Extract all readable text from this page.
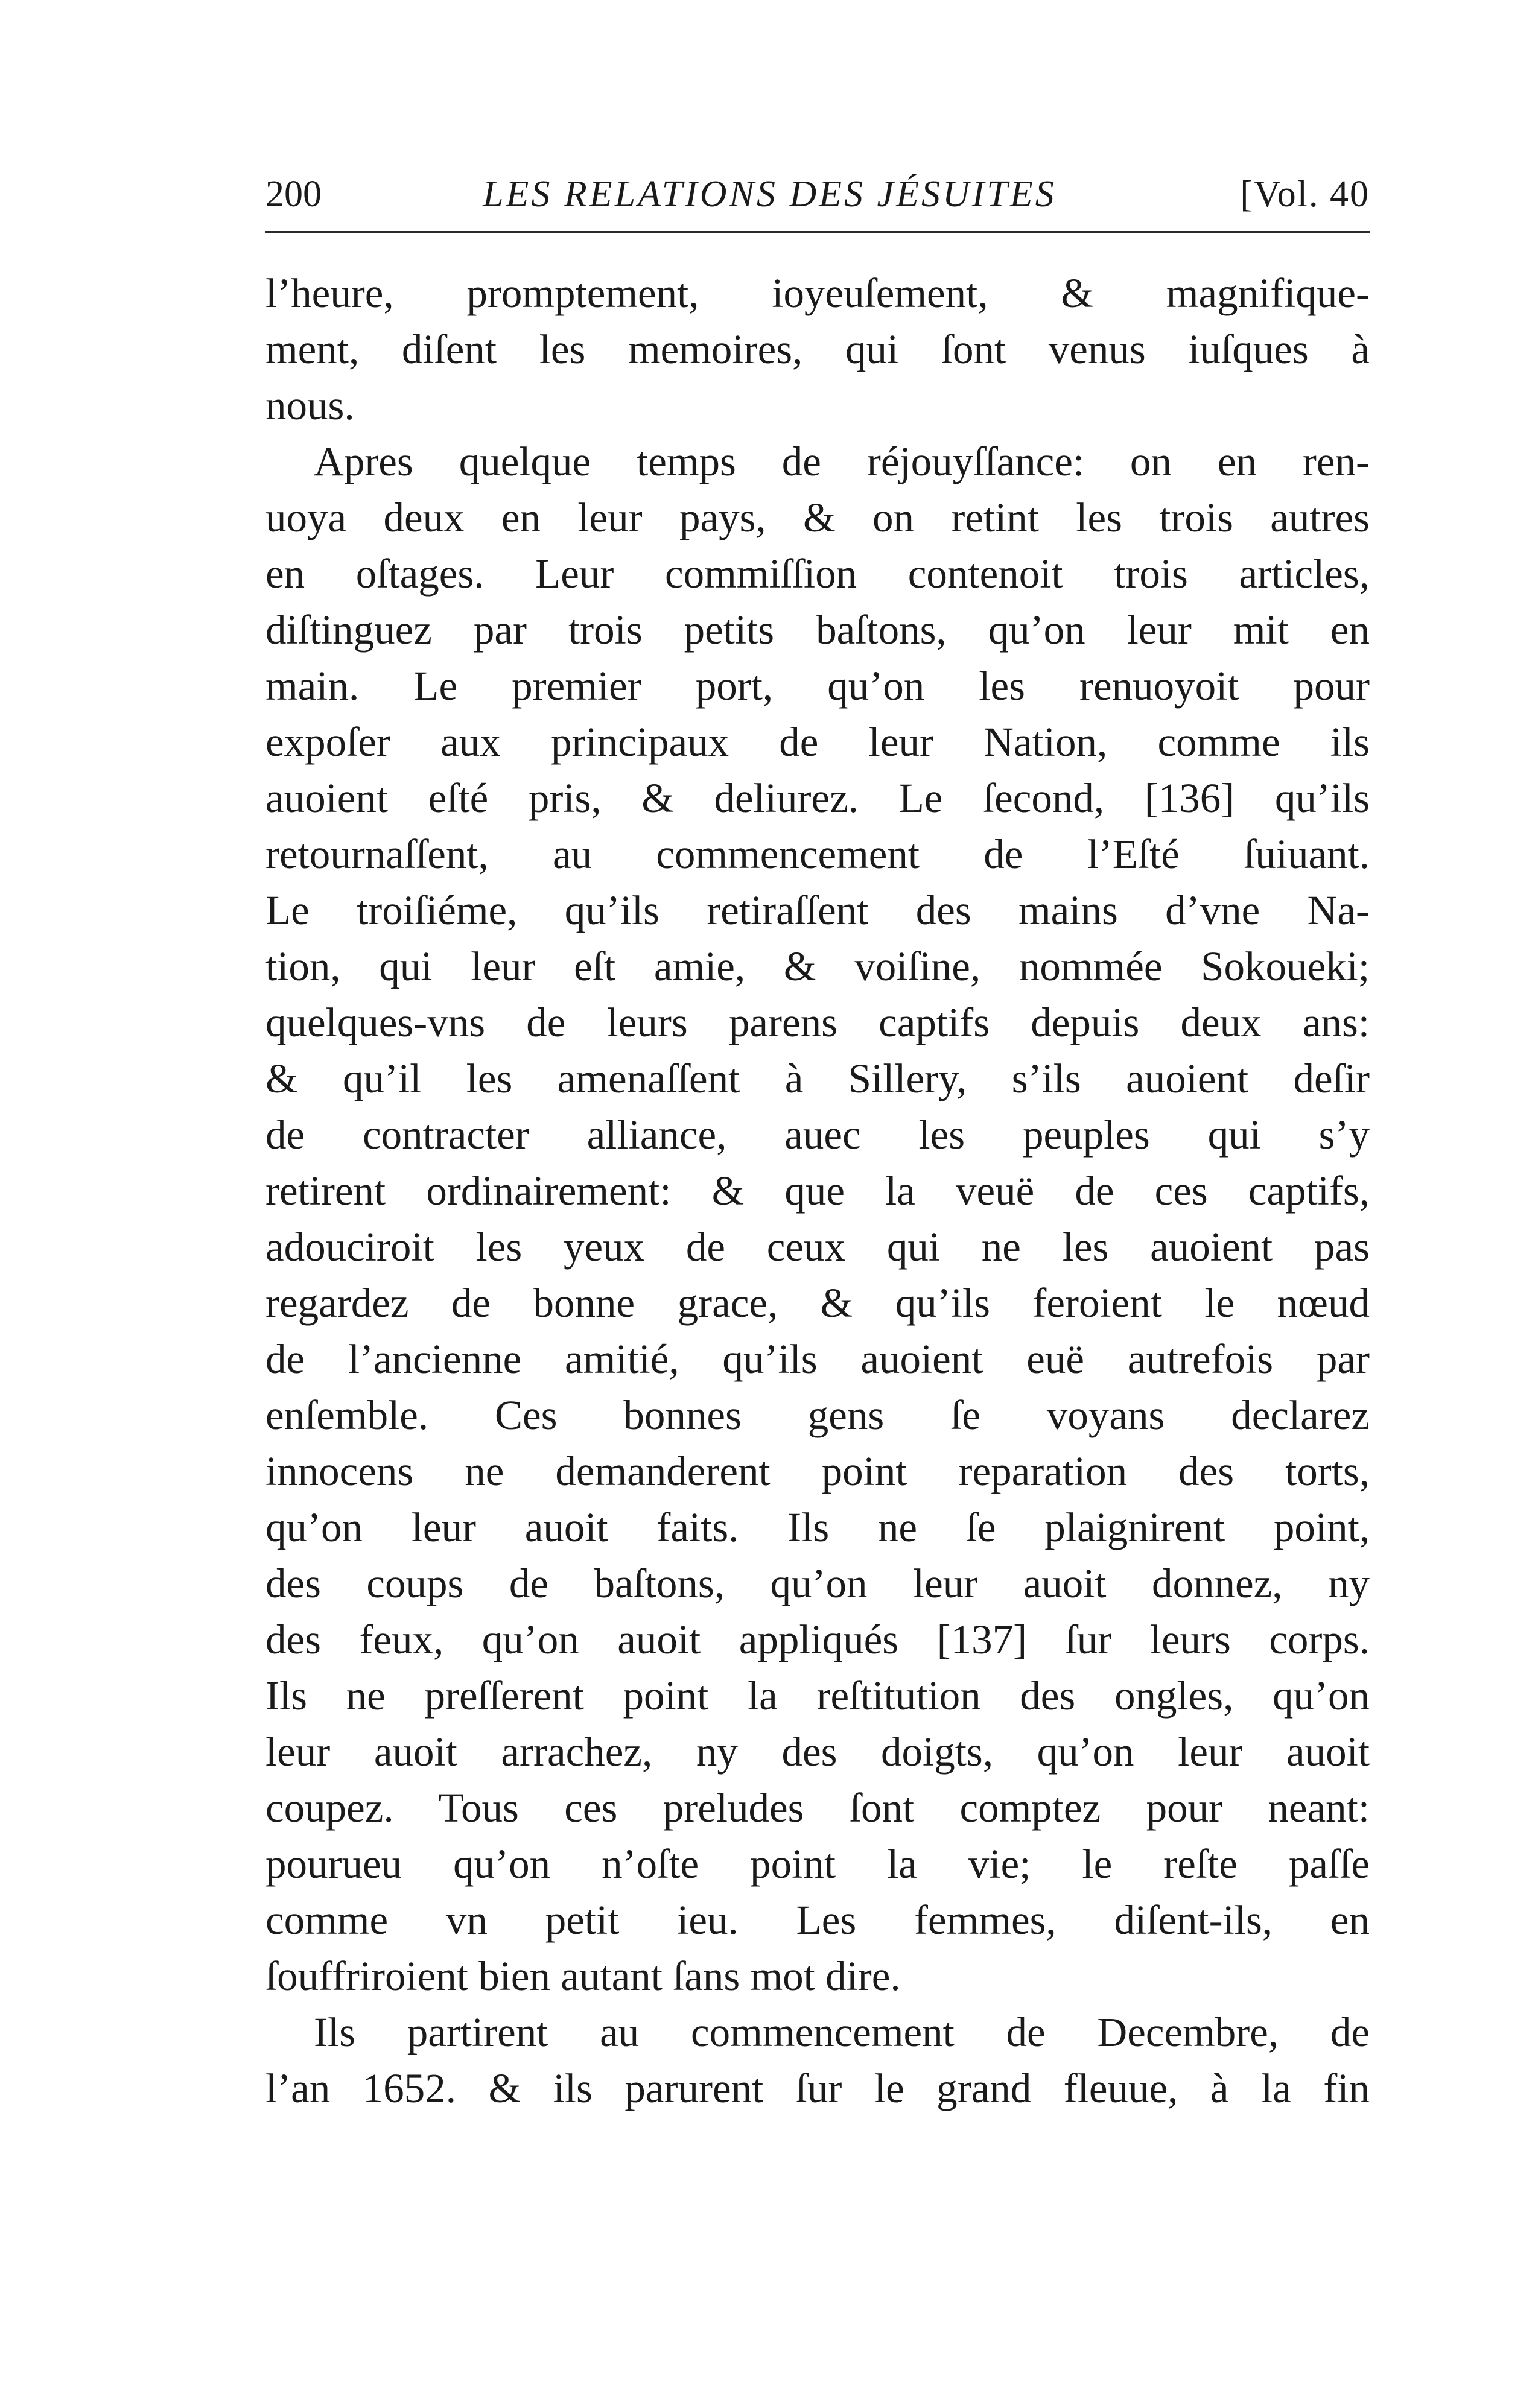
200	LES RELATIONS DES JÉSUITES	[Vol. 40
l’heure, promptement, ioyeuſement, & magnifique-
ment, diſent les memoires, qui ſont venus iuſques à
nous.
Apres quelque temps de réjouyſſance: on en ren-
uoya deux en leur pays, & on retint les trois autres
en oſtages. Leur commiſſion contenoit trois articles,
diſtinguez par trois petits baſtons, qu’on leur mit en
main. Le premier port, qu’on les renuoyoit pour
expoſer aux principaux de leur Nation, comme ils
auoient eſté pris, & deliurez. Le ſecond, [136] qu’ils
retournaſſent, au commencement de l’Eſté ſuiuant.
Le troiſiéme, qu’ils retiraſſent des mains d’vne Na-
tion, qui leur eſt amie, & voiſine, nommée Sokoueki;
quelques-vns de leurs parens captifs depuis deux ans:
& qu’il les amenaſſent à Sillery, s’ils auoient deſir
de contracter alliance, auec les peuples qui s’y
retirent ordinairement: & que la veuë de ces captifs,
adouciroit les yeux de ceux qui ne les auoient pas
regardez de bonne grace, & qu’ils feroient le nœud
de l’ancienne amitié, qu’ils auoient euë autrefois par
enſemble. Ces bonnes gens ſe voyans declarez
innocens ne demanderent point reparation des torts,
qu’on leur auoit faits. Ils ne ſe plaignirent point,
des coups de baſtons, qu’on leur auoit donnez, ny
des feux, qu’on auoit appliqués [137] ſur leurs corps.
Ils ne preſſerent point la reſtitution des ongles, qu’on
leur auoit arrachez, ny des doigts, qu’on leur auoit
coupez. Tous ces preludes ſont comptez pour neant:
pourueu qu’on n’oſte point la vie; le reſte paſſe
comme vn petit ieu. Les femmes, diſent-ils, en
ſouffriroient bien autant ſans mot dire.
Ils partirent au commencement de Decembre, de
l’an 1652. & ils parurent ſur le grand fleuue, à la fin
